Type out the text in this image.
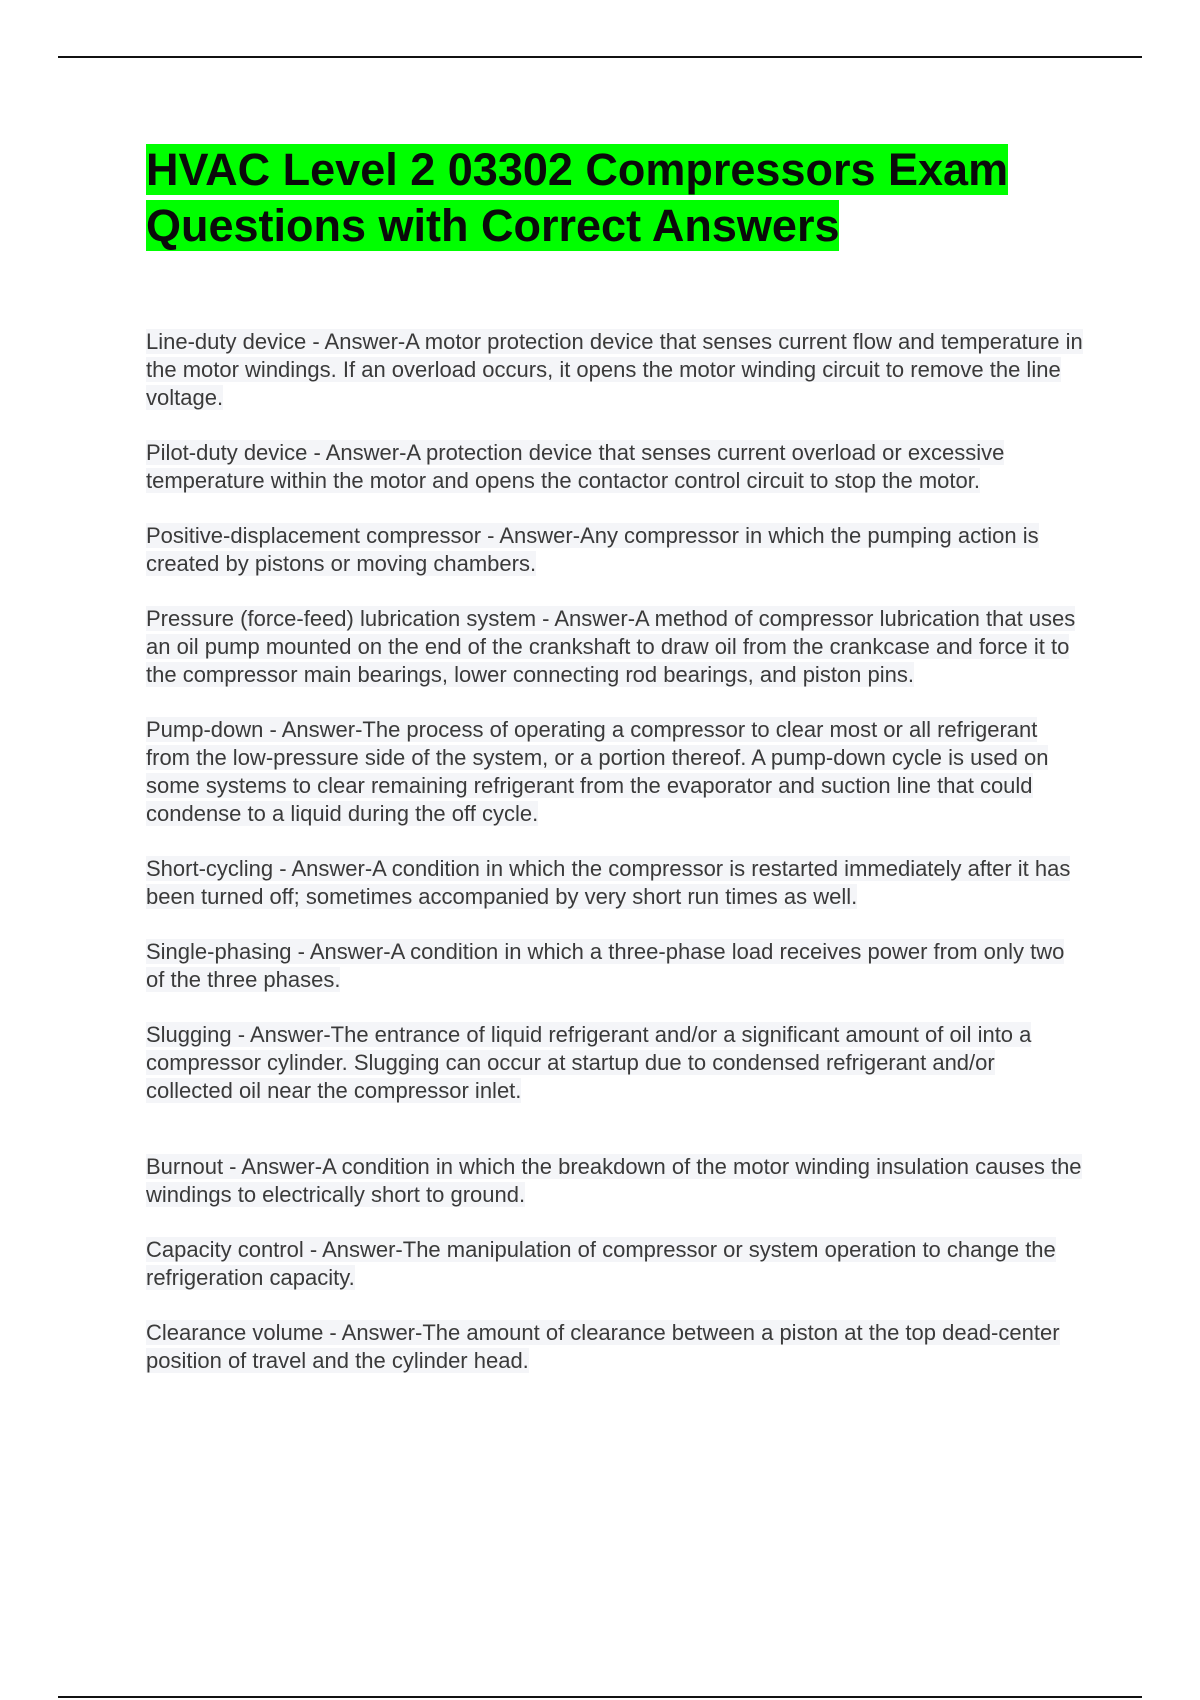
HVAC Level 2 03302 Compressors Exam Questions with Correct Answers

Line-duty device - Answer-A motor protection device that senses current flow and temperature in the motor windings. If an overload occurs, it opens the motor winding circuit to remove the line voltage.

Pilot-duty device - Answer-A protection device that senses current overload or excessive temperature within the motor and opens the contactor control circuit to stop the motor.

Positive-displacement compressor - Answer-Any compressor in which the pumping action is created by pistons or moving chambers.

Pressure (force-feed) lubrication system - Answer-A method of compressor lubrication that uses an oil pump mounted on the end of the crankshaft to draw oil from the crankcase and force it to the compressor main bearings, lower connecting rod bearings, and piston pins.

Pump-down - Answer-The process of operating a compressor to clear most or all refrigerant from the low-pressure side of the system, or a portion thereof. A pump-down cycle is used on some systems to clear remaining refrigerant from the evaporator and suction line that could condense to a liquid during the off cycle.

Short-cycling - Answer-A condition in which the compressor is restarted immediately after it has been turned off; sometimes accompanied by very short run times as well.

Single-phasing - Answer-A condition in which a three-phase load receives power from only two of the three phases.

Slugging - Answer-The entrance of liquid refrigerant and/or a significant amount of oil into a compressor cylinder. Slugging can occur at startup due to condensed refrigerant and/or collected oil near the compressor inlet.

Burnout - Answer-A condition in which the breakdown of the motor winding insulation causes the windings to electrically short to ground.

Capacity control - Answer-The manipulation of compressor or system operation to change the refrigeration capacity.

Clearance volume - Answer-The amount of clearance between a piston at the top dead-center position of travel and the cylinder head.
